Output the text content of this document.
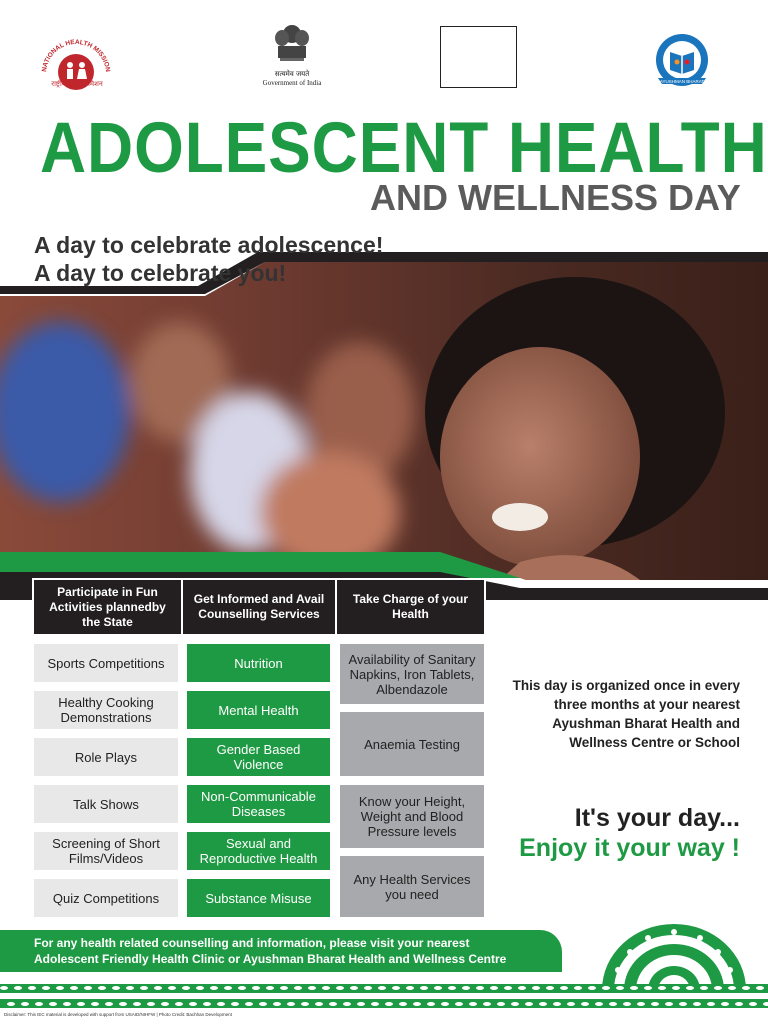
NATIONAL HEALTH MISSION
राष्ट्रीय स्वास्थ्य मिशन
सत्यमेव जयते
Government of India	AYUSHMAN BHARAT
ADOLESCENT HEALTH
AND WELLNESS DAY
A day to celebrate adolescence!
A day to celebrate you!
Participate in Fun Activities plannedby the State
Get Informed and Avail Counselling Services
Take Charge of your Health
Sports Competitions
Healthy Cooking Demonstrations
Role Plays
Talk Shows
Screening of Short Films/Videos
Quiz Competitions
Nutrition
Mental Health
Gender Based Violence
Non-Communicable Diseases
Sexual and Reproductive Health
Substance Misuse
Availability of Sanitary Napkins, Iron Tablets, Albendazole
Anaemia Testing
Know your Height, Weight and Blood Pressure levels
Any Health Services you need
This day is organized once in every three months at your nearest Ayushman Bharat Health and Wellness Centre or School
It's your day...
Enjoy it your way !
For any health related counselling and information, please visit your nearest
Adolescent Friendly Health Clinic or Ayushman Bharat Health and Wellness Centre
Disclaimer: This IEC material is developed with support from USAID/NIHFW | Photo Credit: Bachhan Development
